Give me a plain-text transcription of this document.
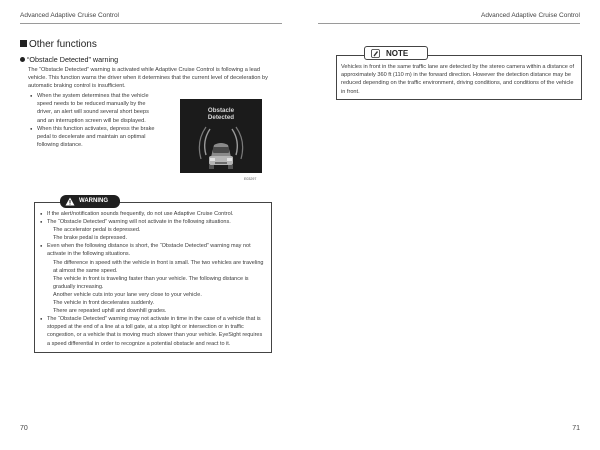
Advanced Adaptive Cruise Control	Advanced Adaptive Cruise Control
Other functions
“Obstacle Detected” warning
The “Obstacle Detected” warning is activated while Adaptive Cruise Control is following a lead vehicle. This function warns the driver when it determines that the current level of deceleration by automatic braking control is insufficient.
● When the system determines that the vehicle speed needs to be reduced manually by the driver, an alert will sound several short beeps and an interruption screen will be displayed.
● When this function activates, depress the brake pedal to decelerate and maintain an optimal following distance.
Obstacle
Detected
E03297
WARNING
● If the alert/notification sounds frequently, do not use Adaptive Cruise Control.
● The “Obstacle Detected” warning will not activate in the following situations.
- The accelerator pedal is depressed.
- The brake pedal is depressed.
● Even when the following distance is short, the “Obstacle Detected” warning may not activate in the following situations.
- The difference in speed with the vehicle in front is small. The two vehicles are traveling at almost the same speed.
- The vehicle in front is traveling faster than your vehicle. The following distance is gradually increasing.
- Another vehicle cuts into your lane very close to your vehicle.
- The vehicle in front decelerates suddenly.
- There are repeated uphill and downhill grades.
● The “Obstacle Detected” warning may not activate in time in the case of a vehicle that is stopped at the end of a line at a toll gate, at a stop light or intersection or in traffic congestion, or a vehicle that is moving much slower than your vehicle. EyeSight requires a speed differential in order to recognize a potential obstacle and react to it.
NOTE
Vehicles in front in the same traffic lane are detected by the stereo camera within a distance of approximately 360 ft (110 m) in the forward direction. However the detection distance may be reduced depending on the traffic environment, driving conditions, and conditions of the vehicle in front.
70	71
